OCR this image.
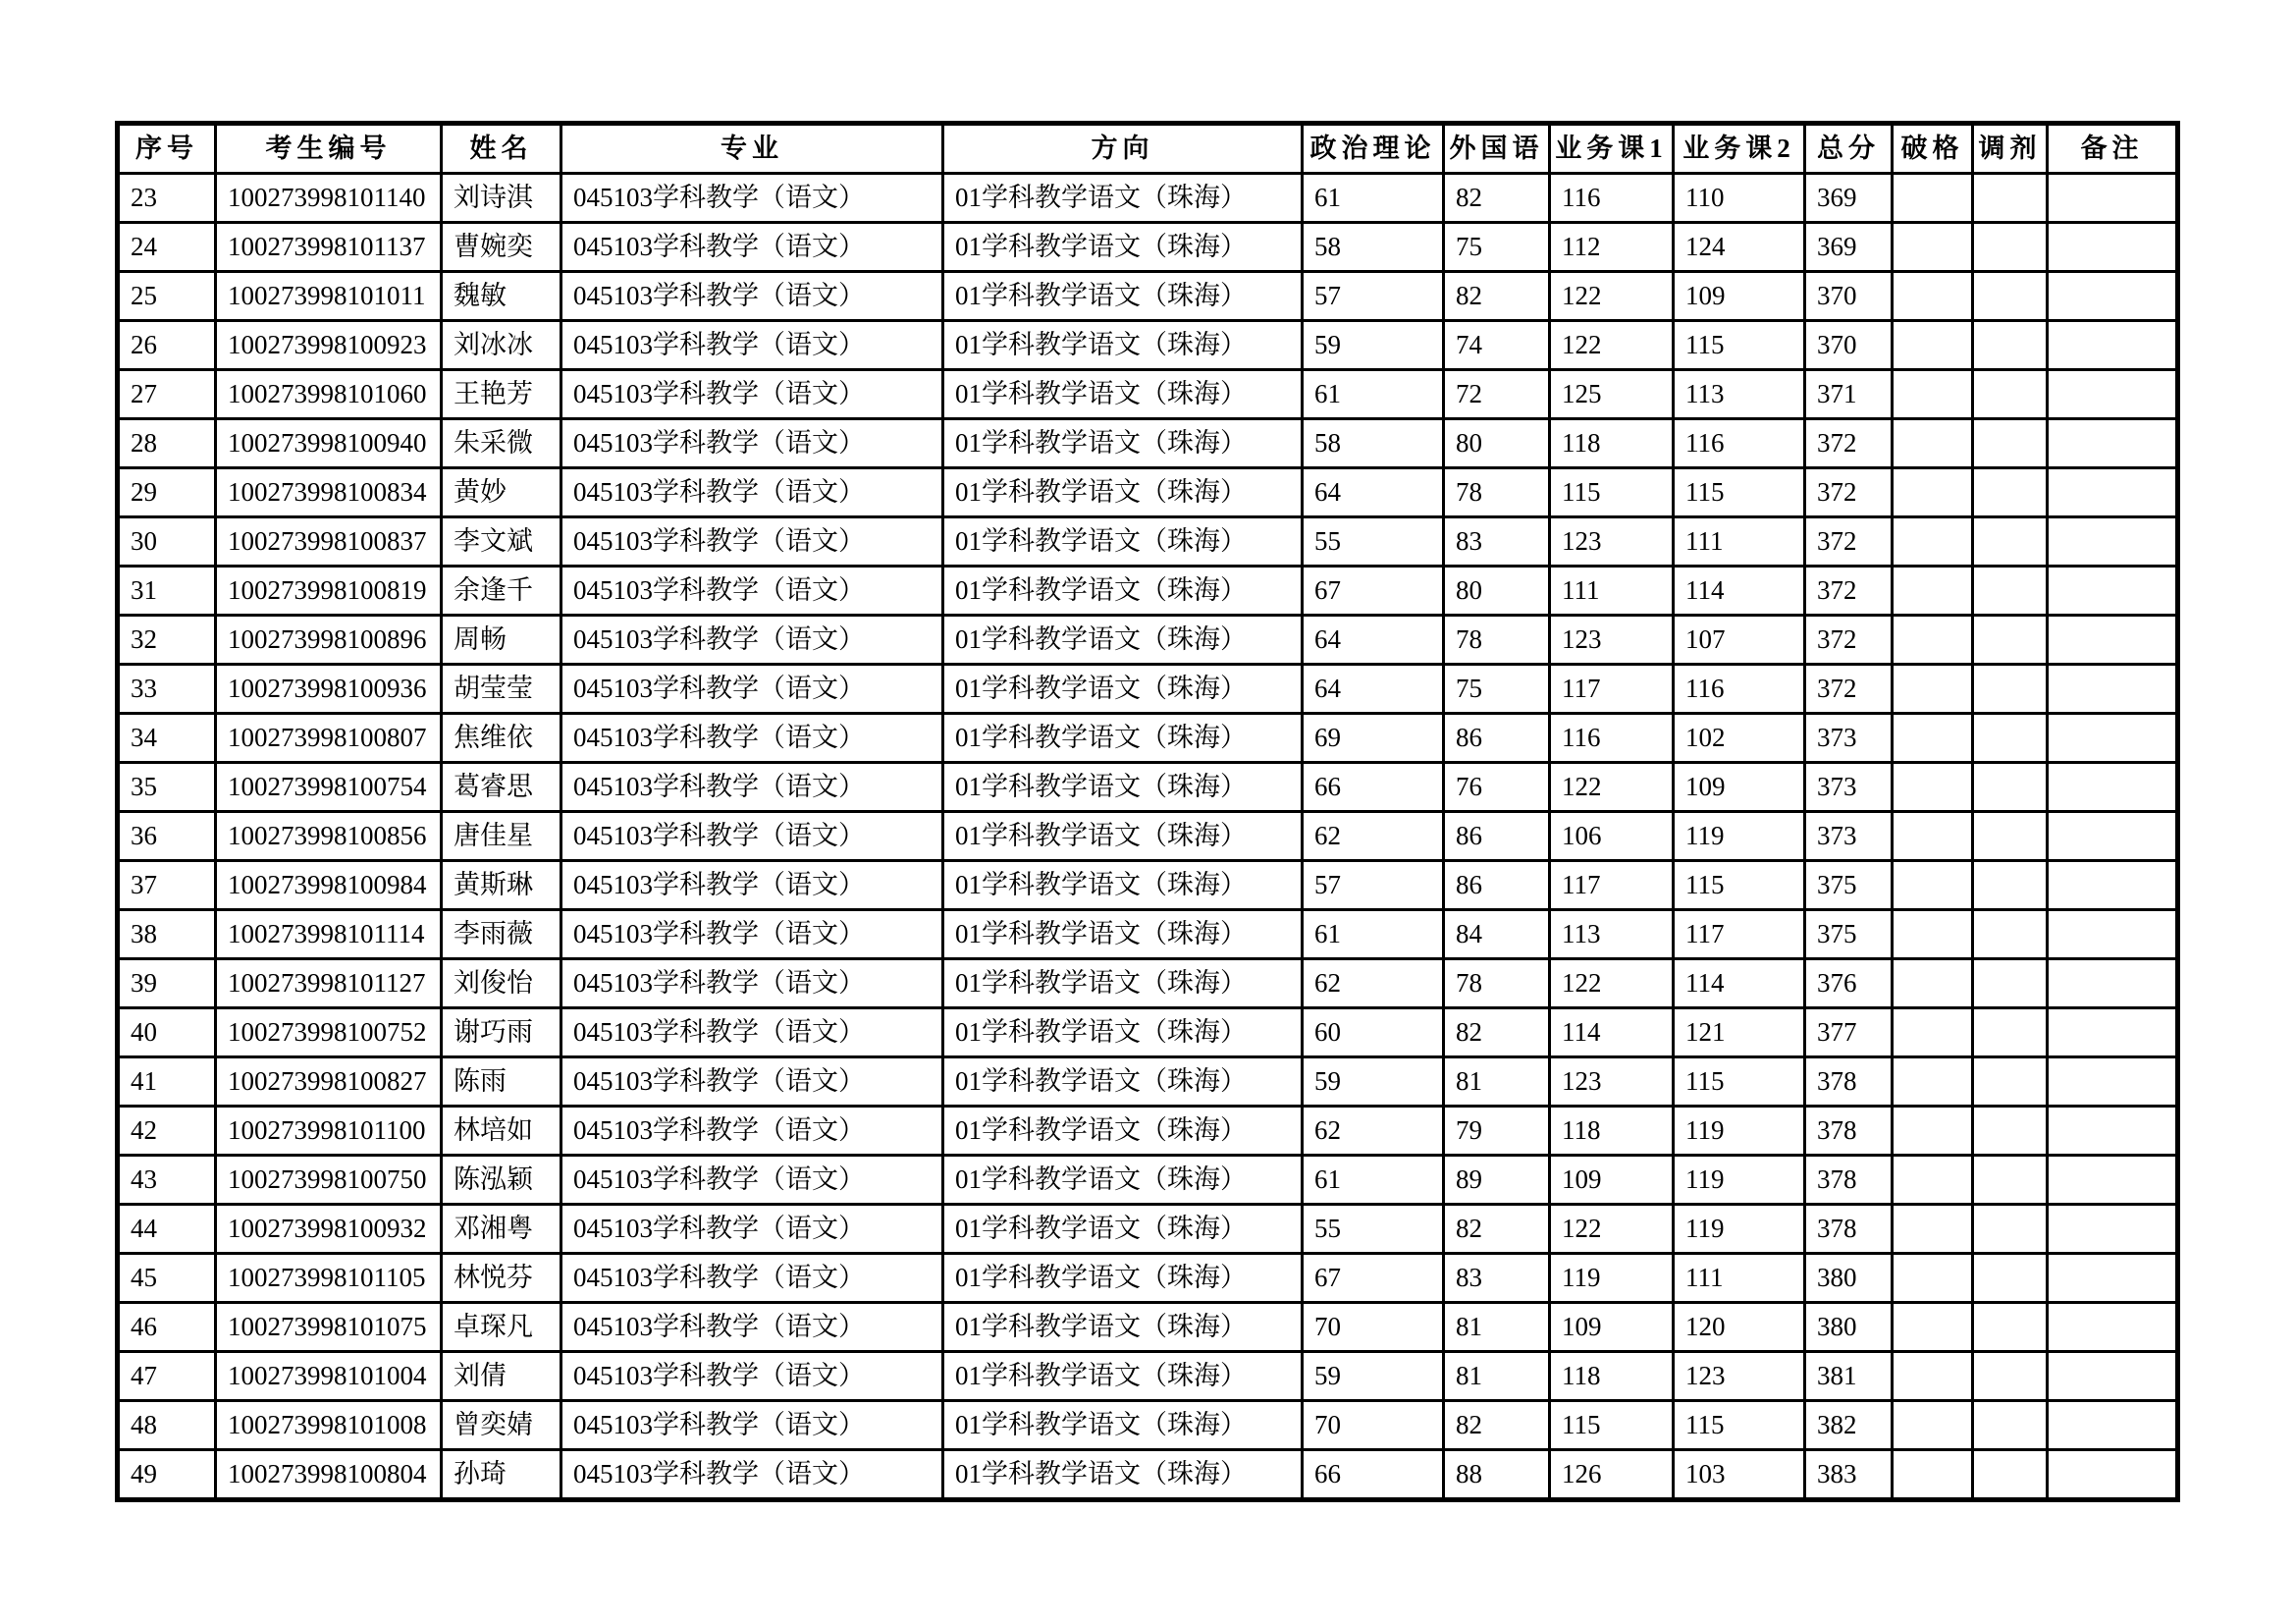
序号	考生编号	姓名	专业	方向	政治理论	外国语	业务课1	业务课2	总分	破格	调剂	备注
23	100273998101140	刘诗淇	045103学科教学（语文）	01学科教学语文（珠海）	61	82	116	110	369			
24	100273998101137	曹婉奕	045103学科教学（语文）	01学科教学语文（珠海）	58	75	112	124	369			
25	100273998101011	魏敏	045103学科教学（语文）	01学科教学语文（珠海）	57	82	122	109	370			
26	100273998100923	刘冰冰	045103学科教学（语文）	01学科教学语文（珠海）	59	74	122	115	370			
27	100273998101060	王艳芳	045103学科教学（语文）	01学科教学语文（珠海）	61	72	125	113	371			
28	100273998100940	朱采微	045103学科教学（语文）	01学科教学语文（珠海）	58	80	118	116	372			
29	100273998100834	黄妙	045103学科教学（语文）	01学科教学语文（珠海）	64	78	115	115	372			
30	100273998100837	李文斌	045103学科教学（语文）	01学科教学语文（珠海）	55	83	123	111	372			
31	100273998100819	余逢千	045103学科教学（语文）	01学科教学语文（珠海）	67	80	111	114	372			
32	100273998100896	周畅	045103学科教学（语文）	01学科教学语文（珠海）	64	78	123	107	372			
33	100273998100936	胡莹莹	045103学科教学（语文）	01学科教学语文（珠海）	64	75	117	116	372			
34	100273998100807	焦维依	045103学科教学（语文）	01学科教学语文（珠海）	69	86	116	102	373			
35	100273998100754	葛睿思	045103学科教学（语文）	01学科教学语文（珠海）	66	76	122	109	373			
36	100273998100856	唐佳星	045103学科教学（语文）	01学科教学语文（珠海）	62	86	106	119	373			
37	100273998100984	黄斯琳	045103学科教学（语文）	01学科教学语文（珠海）	57	86	117	115	375			
38	100273998101114	李雨薇	045103学科教学（语文）	01学科教学语文（珠海）	61	84	113	117	375			
39	100273998101127	刘俊怡	045103学科教学（语文）	01学科教学语文（珠海）	62	78	122	114	376			
40	100273998100752	谢巧雨	045103学科教学（语文）	01学科教学语文（珠海）	60	82	114	121	377			
41	100273998100827	陈雨	045103学科教学（语文）	01学科教学语文（珠海）	59	81	123	115	378			
42	100273998101100	林培如	045103学科教学（语文）	01学科教学语文（珠海）	62	79	118	119	378			
43	100273998100750	陈泓颖	045103学科教学（语文）	01学科教学语文（珠海）	61	89	109	119	378			
44	100273998100932	邓湘粤	045103学科教学（语文）	01学科教学语文（珠海）	55	82	122	119	378			
45	100273998101105	林悦芬	045103学科教学（语文）	01学科教学语文（珠海）	67	83	119	111	380			
46	100273998101075	卓琛凡	045103学科教学（语文）	01学科教学语文（珠海）	70	81	109	120	380			
47	100273998101004	刘倩	045103学科教学（语文）	01学科教学语文（珠海）	59	81	118	123	381			
48	100273998101008	曾奕婧	045103学科教学（语文）	01学科教学语文（珠海）	70	82	115	115	382			
49	100273998100804	孙琦	045103学科教学（语文）	01学科教学语文（珠海）	66	88	126	103	383			
